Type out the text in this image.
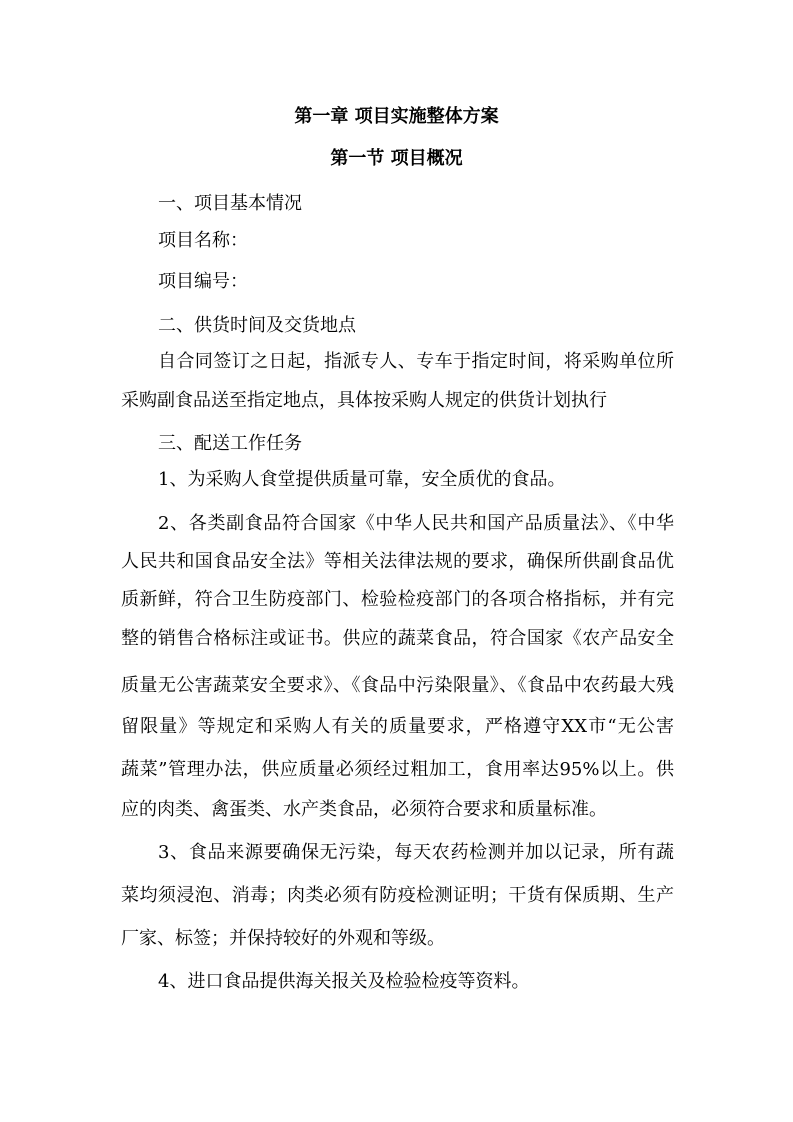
第一章 项目实施整体方案
第一节 项目概况
一、项目基本情况
项目名称：
项目编号：
二、供货时间及交货地点
自合同签订之日起，指派专人、专车于指定时间，将采购单位所
采购副食品送至指定地点，具体按采购人规定的供货计划执行
三、配送工作任务
1、为采购人食堂提供质量可靠，安全质优的食品。
2、各类副食品符合国家《中华人民共和国产品质量法》、《中华
人民共和国食品安全法》等相关法律法规的要求，确保所供副食品优
质新鲜，符合卫生防疫部门、检验检疫部门的各项合格指标，并有完
整的销售合格标注或证书。供应的蔬菜食品，符合国家《农产品安全
质量无公害蔬菜安全要求》、《食品中污染限量》、《食品中农药最大残
留限量》等规定和采购人有关的质量要求，严格遵守XX市“无公害
蔬菜”管理办法，供应质量必须经过粗加工，食用率达95%以上。供
应的肉类、禽蛋类、水产类食品，必须符合要求和质量标准。
3、食品来源要确保无污染，每天农药检测并加以记录，所有蔬
菜均须浸泡、消毒；肉类必须有防疫检测证明；干货有保质期、生产
厂家、标签；并保持较好的外观和等级。
4、进口食品提供海关报关及检验检疫等资料。
